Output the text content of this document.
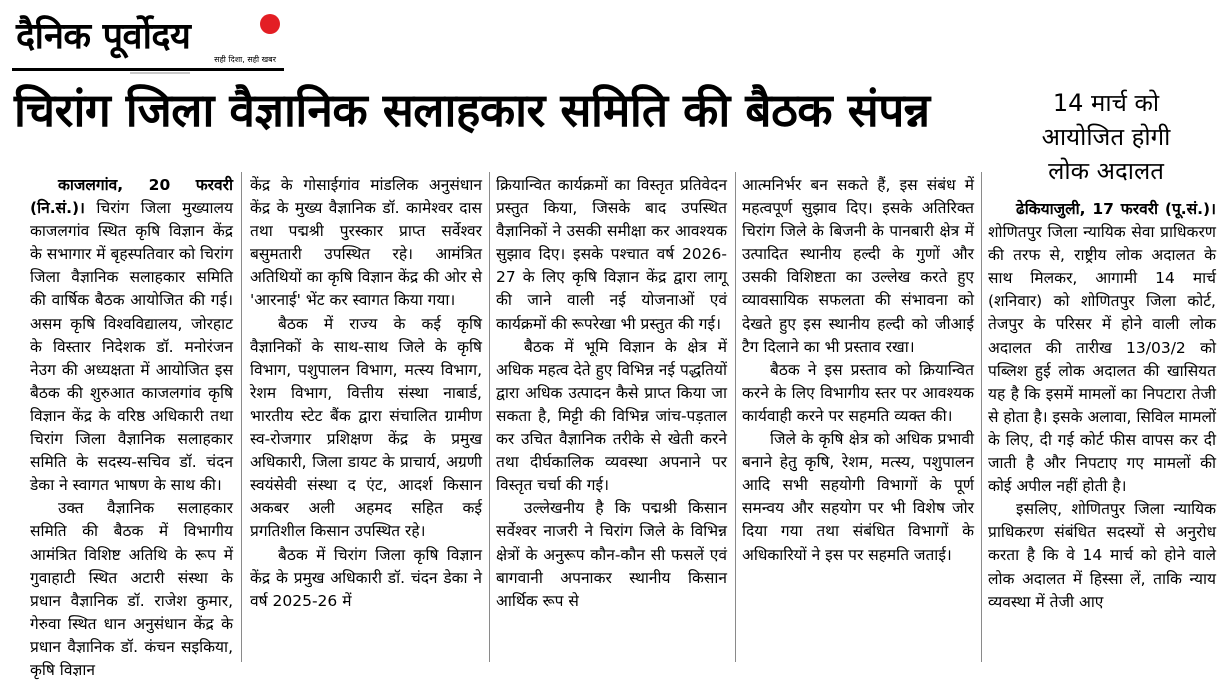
दैनिक पूर्वोदय
सही दिशा, सही खबर
चिरांग जिला वैज्ञानिक सलाहकार समिति की बैठक संपन्न	14 मार्च को
आयोजित होगी
लोक अदालत

काजलगांव, 20 फरवरी (नि.सं.)। चिरांग जिला मुख्यालय काजलगांव स्थित कृषि विज्ञान केंद्र के सभागार में बृहस्पतिवार को चिरांग जिला वैज्ञानिक सलाहकार समिति की वार्षिक बैठक आयोजित की गई। असम कृषि विश्वविद्यालय, जोरहाट के विस्तार निदेशक डॉ. मनोरंजन नेउग की अध्यक्षता में आयोजित इस बैठक की शुरुआत काजलगांव कृषि विज्ञान केंद्र के वरिष्ठ अधिकारी तथा चिरांग जिला वैज्ञानिक सलाहकार समिति के सदस्य-सचिव डॉ. चंदन डेका ने स्वागत भाषण के साथ की।

उक्त वैज्ञानिक सलाहकार समिति की बैठक में विभागीय आमंत्रित विशिष्ट अतिथि के रूप में गुवाहाटी स्थित अटारी संस्था के प्रधान वैज्ञानिक डॉ. राजेश कुमार, गेरुवा स्थित धान अनुसंधान केंद्र के प्रधान वैज्ञानिक डॉ. कंचन सइकिया, कृषि विज्ञान

केंद्र के गोसाईगांव मांडलिक अनुसंधान केंद्र के मुख्य वैज्ञानिक डॉ. कामेश्वर दास तथा पद्मश्री पुरस्कार प्राप्त सर्वेश्वर बसुमतारी उपस्थित रहे। आमंत्रित अतिथियों का कृषि विज्ञान केंद्र की ओर से 'आरनाई' भेंट कर स्वागत किया गया।

बैठक में राज्य के कई कृषि वैज्ञानिकों के साथ-साथ जिले के कृषि विभाग, पशुपालन विभाग, मत्स्य विभाग, रेशम विभाग, वित्तीय संस्था नाबार्ड, भारतीय स्टेट बैंक द्वारा संचालित ग्रामीण स्व-रोजगार प्रशिक्षण केंद्र के प्रमुख अधिकारी, जिला डायट के प्राचार्य, अग्रणी स्वयंसेवी संस्था द एंट, आदर्श किसान अकबर अली अहमद सहित कई प्रगतिशील किसान उपस्थित रहे।

बैठक में चिरांग जिला कृषि विज्ञान केंद्र के प्रमुख अधिकारी डॉ. चंदन डेका ने वर्ष 2025-26 में

क्रियान्वित कार्यक्रमों का विस्तृत प्रतिवेदन प्रस्तुत किया, जिसके बाद उपस्थित वैज्ञानिकों ने उसकी समीक्षा कर आवश्यक सुझाव दिए। इसके पश्चात वर्ष 2026-27 के लिए कृषि विज्ञान केंद्र द्वारा लागू की जाने वाली नई योजनाओं एवं कार्यक्रमों की रूपरेखा भी प्रस्तुत की गई।

बैठक में भूमि विज्ञान के क्षेत्र में अधिक महत्व देते हुए विभिन्न नई पद्धतियों द्वारा अधिक उत्पादन कैसे प्राप्त किया जा सकता है, मिट्टी की विभिन्न जांच-पड़ताल कर उचित वैज्ञानिक तरीके से खेती करने तथा दीर्घकालिक व्यवस्था अपनाने पर विस्तृत चर्चा की गई।

उल्लेखनीय है कि पद्मश्री किसान सर्वेश्वर नाजरी ने चिरांग जिले के विभिन्न क्षेत्रों के अनुरूप कौन-कौन सी फसलें एवं बागवानी अपनाकर स्थानीय किसान आर्थिक रूप से

आत्मनिर्भर बन सकते हैं, इस संबंध में महत्वपूर्ण सुझाव दिए। इसके अतिरिक्त चिरांग जिले के बिजनी के पानबारी क्षेत्र में उत्पादित स्थानीय हल्दी के गुणों और उसकी विशिष्टता का उल्लेख करते हुए व्यावसायिक सफलता की संभावना को देखते हुए इस स्थानीय हल्दी को जीआई टैग दिलाने का भी प्रस्ताव रखा।

बैठक ने इस प्रस्ताव को क्रियान्वित करने के लिए विभागीय स्तर पर आवश्यक कार्यवाही करने पर सहमति व्यक्त की।

जिले के कृषि क्षेत्र को अधिक प्रभावी बनाने हेतु कृषि, रेशम, मत्स्य, पशुपालन आदि सभी सहयोगी विभागों के पूर्ण समन्वय और सहयोग पर भी विशेष जोर दिया गया तथा संबंधित विभागों के अधिकारियों ने इस पर सहमति जताई।

ढेकियाजुली, 17 फरवरी (पू.सं.)। शोणितपुर जिला न्यायिक सेवा प्राधिकरण की तरफ से, राष्ट्रीय लोक अदालत के साथ मिलकर, आगामी 14 मार्च (शनिवार) को शोणितपुर जिला कोर्ट, तेजपुर के परिसर में होने वाली लोक अदालत की तारीख 13/03/2 को पब्लिश हुई लोक अदालत की खासियत यह है कि इसमें मामलों का निपटारा तेजी से होता है। इसके अलावा, सिविल मामलों के लिए, दी गई कोर्ट फीस वापस कर दी जाती है और निपटाए गए मामलों की कोई अपील नहीं होती है।

इसलिए, शोणितपुर जिला न्यायिक प्राधिकरण संबंधित सदस्यों से अनुरोध करता है कि वे 14 मार्च को होने वाले लोक अदालत में हिस्सा लें, ताकि न्याय व्यवस्था में तेजी आए
